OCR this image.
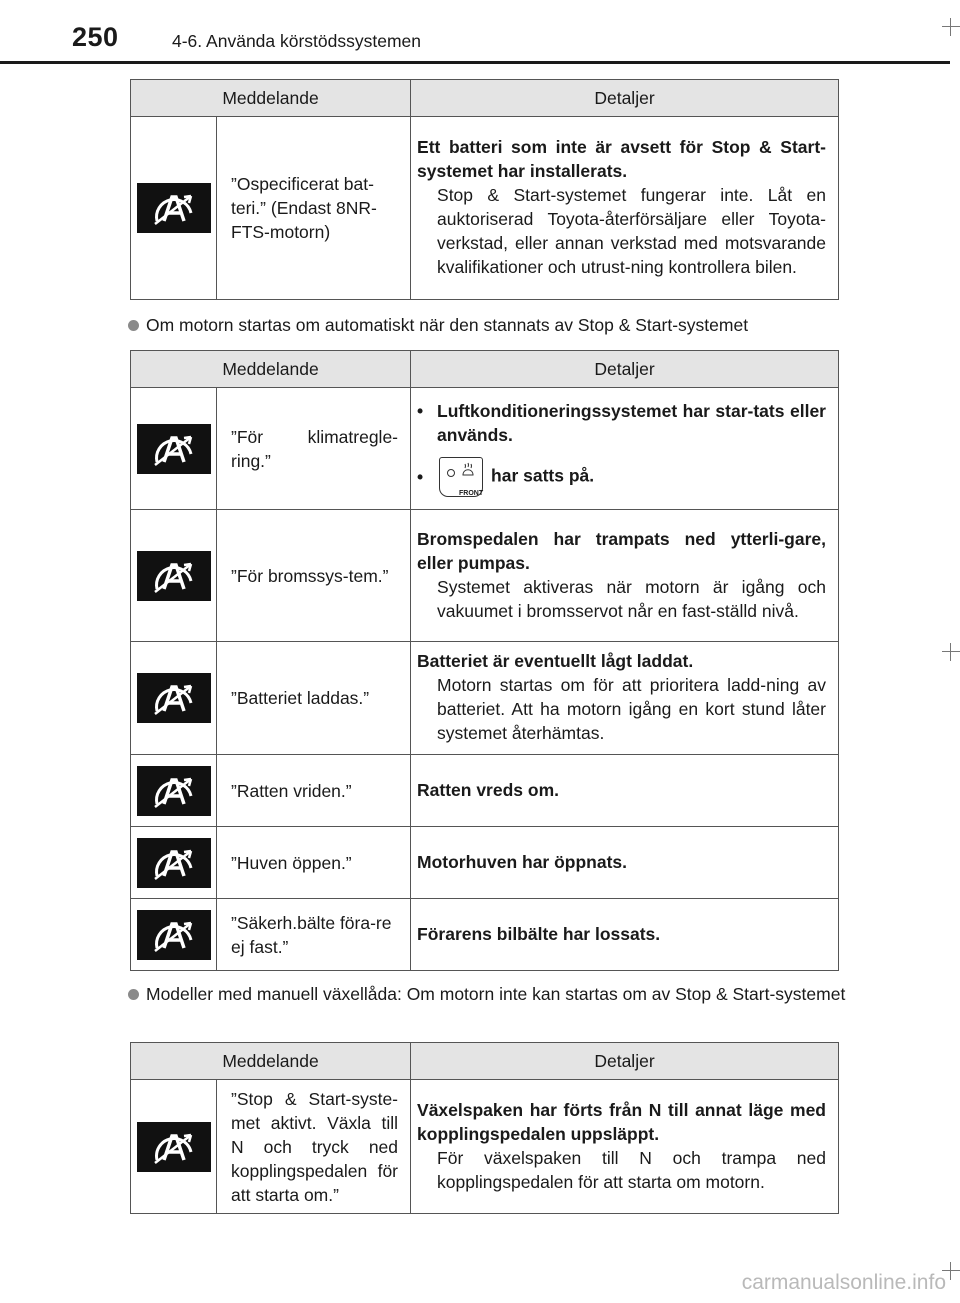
250	4-6. Använda körstödssystemen
Meddelande		Detaljer

	”Ospecificerat bat-teri.” (Endast 8NR-FTS-motorn)	Ett batteri som inte är avsett för Stop & Start-systemet har installerats.
Stop & Start-systemet fungerar inte. Låt en auktoriserad Toyota-återförsäljare eller Toyota-verkstad, eller annan verkstad med motsvarande kvalifikationer och utrust-ning kontrollera bilen.
Om motorn startas om automatiskt när den stannats av Stop & Start-systemet
Meddelande		Detaljer

	”För klimatregle-ring.”	• Luftkonditioneringssystemet har star-tats eller används.
•
FRONT
har satts på.

	”För bromssys-tem.”	Bromspedalen har trampats ned ytterli-gare, eller pumpas.
Systemet aktiveras när motorn är igång och vakuumet i bromsservot når en fast-ställd nivå.

	”Batteriet laddas.”	Batteriet är eventuellt lågt laddat.
Motorn startas om för att prioritera ladd-ning av batteriet. Att ha motorn igång en kort stund låter systemet återhämtas.

	”Ratten vriden.”	Ratten vreds om.

	”Huven öppen.”	Motorhuven har öppnats.

	”Säkerh.bälte föra-re ej fast.”	Förarens bilbälte har lossats.
Modeller med manuell växellåda: Om motorn inte kan startas om av Stop & Start-systemet
Meddelande		Detaljer

	”Stop & Start-syste-met aktivt. Växla till N och tryck ned kopplingspedalen för att starta om.”	Växelspaken har förts från N till annat läge med kopplingspedalen uppsläppt.
För växelspaken till N och trampa ned kopplingspedalen för att starta om motorn.
carmanualsonline.info
